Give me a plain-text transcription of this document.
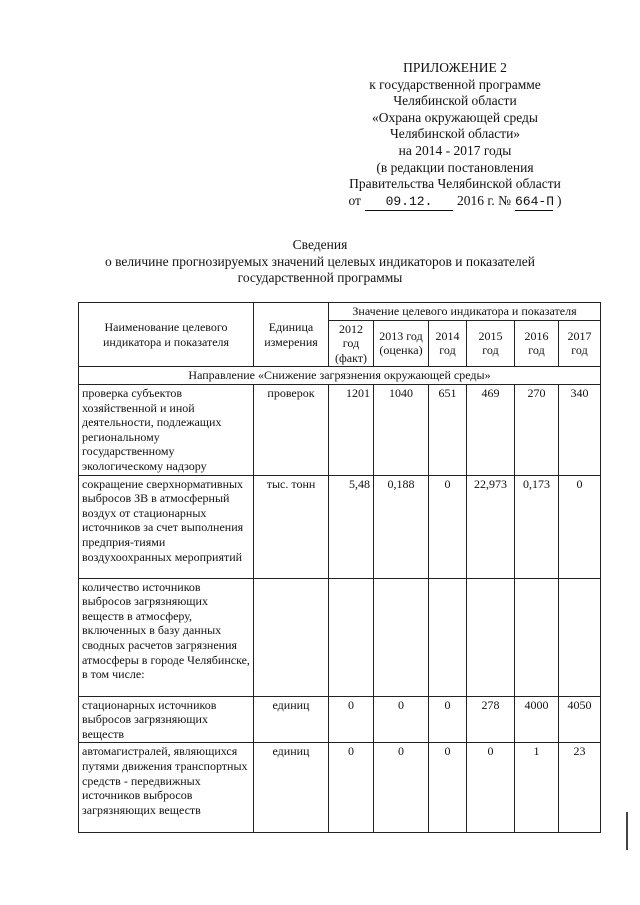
ПРИЛОЖЕНИЕ 2
к государственной программе
Челябинской области
«Охрана окружающей среды
Челябинской области»
на 2014 - 2017 годы
(в редакции постановления
Правительства Челябинской области
от	09.12.	2016 г. № 664-П )
Сведения
о величине прогнозируемых значений целевых индикаторов и показателей
государственной программы
Наименование целевого индикатора и показателя	Единица измерения	Значение целевого индикатора и показателя					
		2012 год (факт)	2013 год (оценка)	2014 год	2015 год	2016 год	2017 год
Направление «Снижение загрязнения окружающей среды»							
проверка субъектов хозяйственной и иной деятельности, подлежащих региональному государственному экологическому надзору	проверок	1201	1040	651	469	270	340
сокращение сверхнормативных выбросов ЗВ в атмосферный воздух от стационарных источников за счет выполнения предприя-тиями воздухоохранных мероприятий	тыс. тонн	5,48	0,188	0	22,973	0,173	0
количество источников выбросов загрязняющих веществ в атмосферу, включенных в базу данных сводных расчетов загрязнения атмосферы в городе Челябинске, в том числе:							
стационарных источников выбросов загрязняющих веществ	единиц	0	0	0	278	4000	4050
автомагистралей, являющихся путями движения транспортных средств - передвижных источников выбросов загрязняющих веществ	единиц	0	0	0	0	1	23
